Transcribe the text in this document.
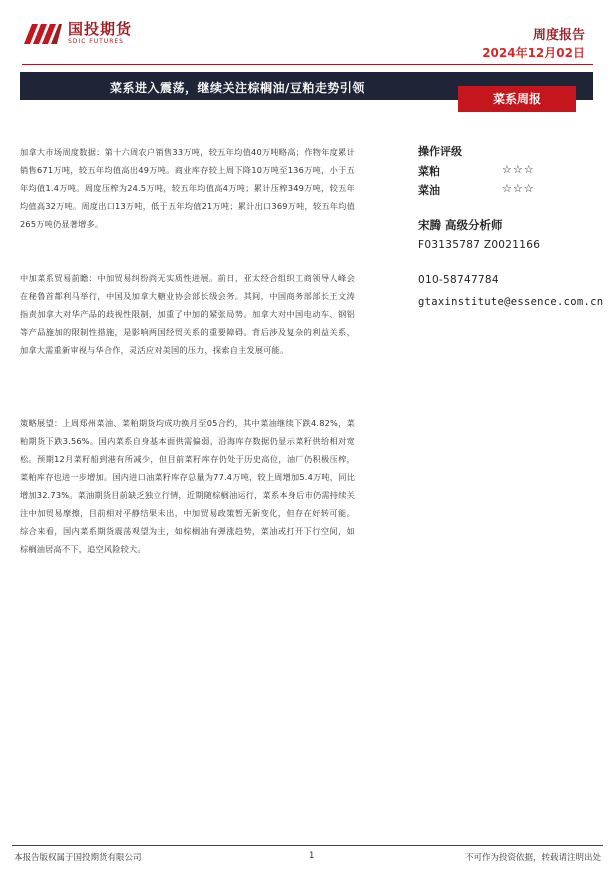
国投期货
SDIC FUTURES	周度报告
2024年12月02日
菜系进入震荡，继续关注棕榈油/豆粕走势引领
菜系周报

加拿大市场周度数据：第十六周农户销售33万吨，较五年均值40万吨略高；作物年度累计销售671万吨，较五年均值高出49万吨。商业库存较上周下降10万吨至136万吨，小于五年均值1.4万吨。周度压榨为24.5万吨，较五年均值高4万吨；累计压榨349万吨，较五年均值高32万吨。周度出口13万吨，低于五年均值21万吨；累计出口369万吨，较五年均值265万吨仍显著增多。

中加菜系贸易前瞻：中加贸易纠纷尚无实质性进展。前日，亚太经合组织工商领导人峰会在秘鲁首都利马举行，中国及加拿大糖业协会部长级会务。其间，中国商务部部长王文涛指责加拿大对华产品的歧视性限制，加重了中加的紧张局势。加拿大对中国电动车、钢铝等产品施加的限制性措施，是影响两国经贸关系的重要障碍。背后涉及复杂的利益关系，加拿大需重新审视与华合作，灵活应对美国的压力，探索自主发展可能。

策略展望：上周郑州菜油、菜粕期货均成功换月至05合约，其中菜油继续下跌4.82%，菜粕期货下跌3.56%。国内菜系自身基本面供需偏弱，沿海库存数据仍显示菜籽供给相对宽松。预期12月菜籽船到港有所减少，但目前菜籽库存仍处于历史高位，油厂仍积极压榨，菜粕库存也进一步增加。国内进口油菜籽库存总量为77.4万吨，较上周增加5.4万吨，同比增加32.73%。菜油期货目前缺乏独立行情，近期随棕榈油运行，菜系本身后市仍需持续关注中加贸易摩擦，目前相对平静结果未出，中加贸易政策暂无新变化，但存在好转可能。综合来看，国内菜系期货震荡观望为主，如棕榈油有弹涨趋势，菜油或打开下行空间，如棕榈油居高不下，追空风险较大。

操作评级
菜粕	☆☆☆
菜油	☆☆☆
宋腾 高级分析师
F03135787 Z0021166
010-58747784
gtaxinstitute@essence.com.cn
本报告版权属于国投期货有限公司	1	不可作为投资依据，转载请注明出处
